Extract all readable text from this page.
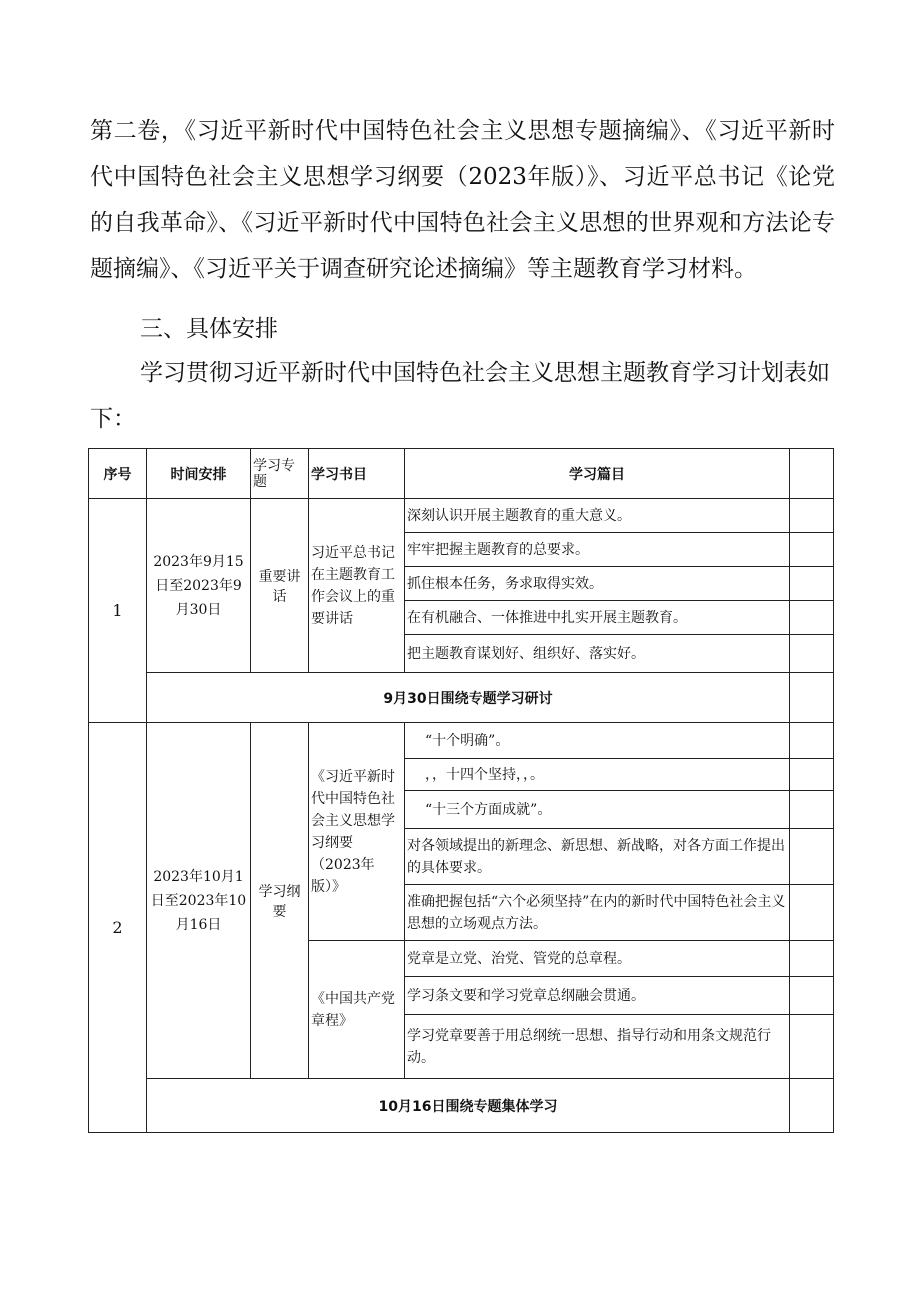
第二卷，《习近平新时代中国特色社会主义思想专题摘编》、《习近平新时代中国特色社会主义思想学习纲要（2023年版）》、习近平总书记《论党的自我革命》、《习近平新时代中国特色社会主义思想的世界观和方法论专题摘编》、《习近平关于调查研究论述摘编》等主题教育学习材料。

三、具体安排

学习贯彻习近平新时代中国特色社会主义思想主题教育学习计划表如下：

序号	时间安排	学习专题	学习书目	学习篇目	
1	2023年9月15日至2023年9月30日	重要讲话	习近平总书记在主题教育工作会议上的重要讲话	深刻认识开展主题教育的重大意义。	
				牢牢把握主题教育的总要求。	
				抓住根本任务，务求取得实效。	
				在有机融合、一体推进中扎实开展主题教育。	
				把主题教育谋划好、组织好、落实好。	
	9月30日围绕专题学习研讨				
2	2023年10月1日至2023年10月16日	学习纲要	《习近平新时代中国特色社会主义思想学习纲要（2023年版）》	“十个明确”。	
				，，十四个坚持，，。	
				“十三个方面成就”。	
				对各领域提出的新理念、新思想、新战略，对各方面工作提出的具体要求。	
				准确把握包括“六个必须坚持”在内的新时代中国特色社会主义思想的立场观点方法。	
			《中国共产党章程》	党章是立党、治党、管党的总章程。	
				学习条文要和学习党章总纲融会贯通。	
				学习党章要善于用总纲统一思想、指导行动和用条文规范行动。	
	10月16日围绕专题集体学习				
